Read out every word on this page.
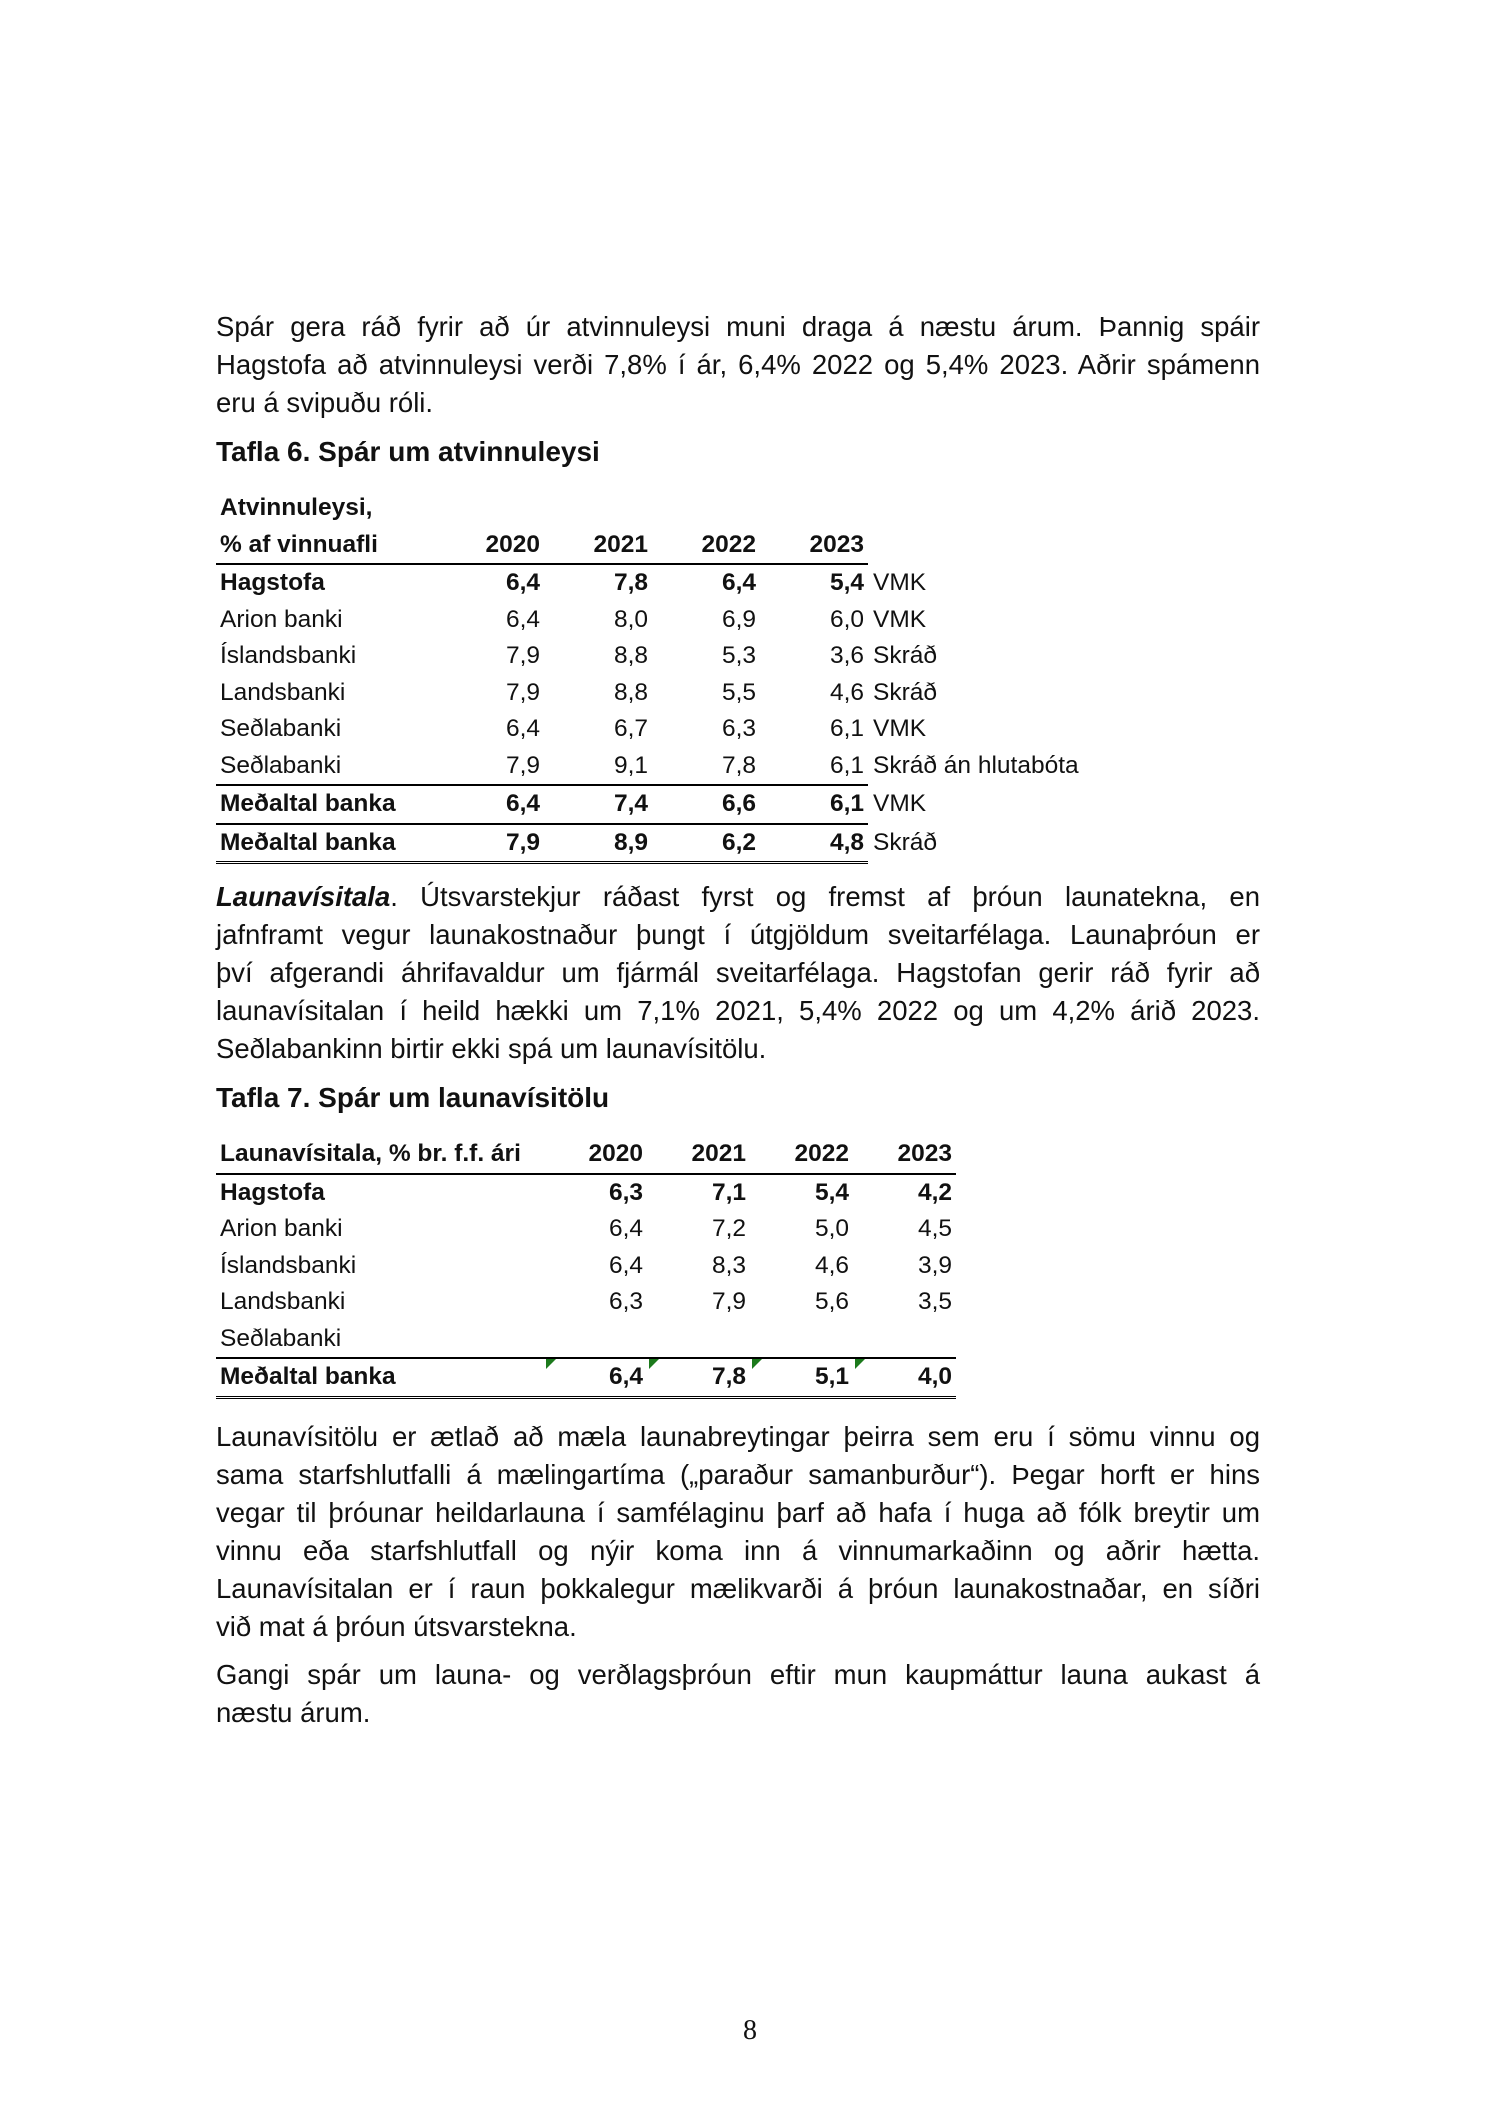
Spár gera ráð fyrir að úr atvinnuleysi muni draga á næstu árum. Þannig spáir
Hagstofa að atvinnuleysi verði 7,8% í ár, 6,4% 2022 og 5,4% 2023. Aðrir spámenn
eru á svipuðu róli.
Tafla 6. Spár um atvinnuleysi
Atvinnuleysi,					
% af vinnuafli	2020	2021	2022	2023	
Hagstofa	6,4	7,8	6,4	5,4	VMK
Arion banki	6,4	8,0	6,9	6,0	VMK
Íslandsbanki	7,9	8,8	5,3	3,6	Skráð
Landsbanki	7,9	8,8	5,5	4,6	Skráð
Seðlabanki	6,4	6,7	6,3	6,1	VMK
Seðlabanki	7,9	9,1	7,8	6,1	Skráð án hlutabóta
Meðaltal banka	6,4	7,4	6,6	6,1	VMK
Meðaltal banka	7,9	8,9	6,2	4,8	Skráð
Launavísitala. Útsvarstekjur ráðast fyrst og fremst af þróun launatekna, en
jafnframt vegur launakostnaður þungt í útgjöldum sveitarfélaga. Launaþróun er
því afgerandi áhrifavaldur um fjármál sveitarfélaga. Hagstofan gerir ráð fyrir að
launavísitalan í heild hækki um 7,1% 2021, 5,4% 2022 og um 4,2% árið 2023.
Seðlabankinn birtir ekki spá um launavísitölu.
Tafla 7. Spár um launavísitölu
Launavísitala, % br. f.f. ári	2020	2021	2022	2023
Hagstofa	6,3	7,1	5,4	4,2
Arion banki	6,4	7,2	5,0	4,5
Íslandsbanki	6,4	8,3	4,6	3,9
Landsbanki	6,3	7,9	5,6	3,5
Seðlabanki				
Meðaltal banka	6,4	7,8	5,1	4,0
Launavísitölu er ætlað að mæla launabreytingar þeirra sem eru í sömu vinnu og
sama starfshlutfalli á mælingartíma („paraður samanburður“). Þegar horft er hins
vegar til þróunar heildarlauna í samfélaginu þarf að hafa í huga að fólk breytir um
vinnu eða starfshlutfall og nýir koma inn á vinnumarkaðinn og aðrir hætta.
Launavísitalan er í raun þokkalegur mælikvarði á þróun launakostnaðar, en síðri
við mat á þróun útsvarstekna.
Gangi spár um launa- og verðlagsþróun eftir mun kaupmáttur launa aukast á
næstu árum.
8
